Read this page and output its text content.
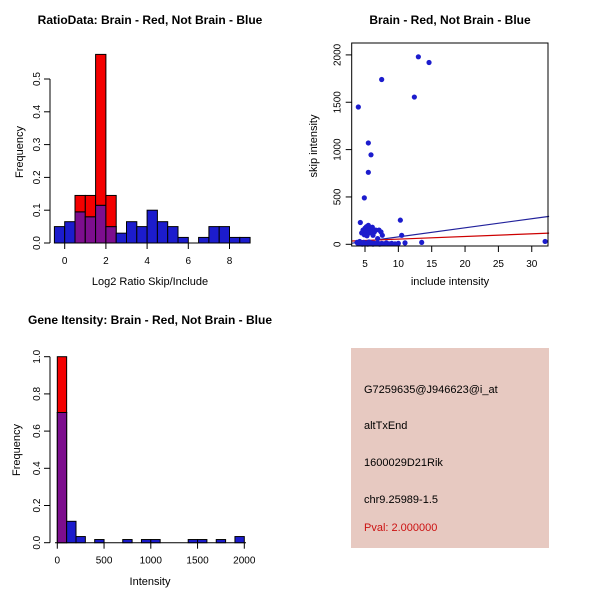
RatioData: Brain - Red, Not Brain - Blue
Frequency
Log2 Ratio Skip/Include
0.0
0.1
0.2
0.3
0.4
0.5
0	2	4	6	8
Brain - Red, Not Brain - Blue
skip intensity
include intensity
0
500
1000
1500
2000
5	10 15 20 25 30
Gene Itensity: Brain - Red, Not Brain - Blue
Frequency
Intensity
0.0
0.2
0.4
0.6
0.8
1.0
0	500	1000 1500 2000
G7259635@J946623@i_at
altTxEnd
1600029D21Rik
chr9.25989-1.5
Pval: 2.000000
